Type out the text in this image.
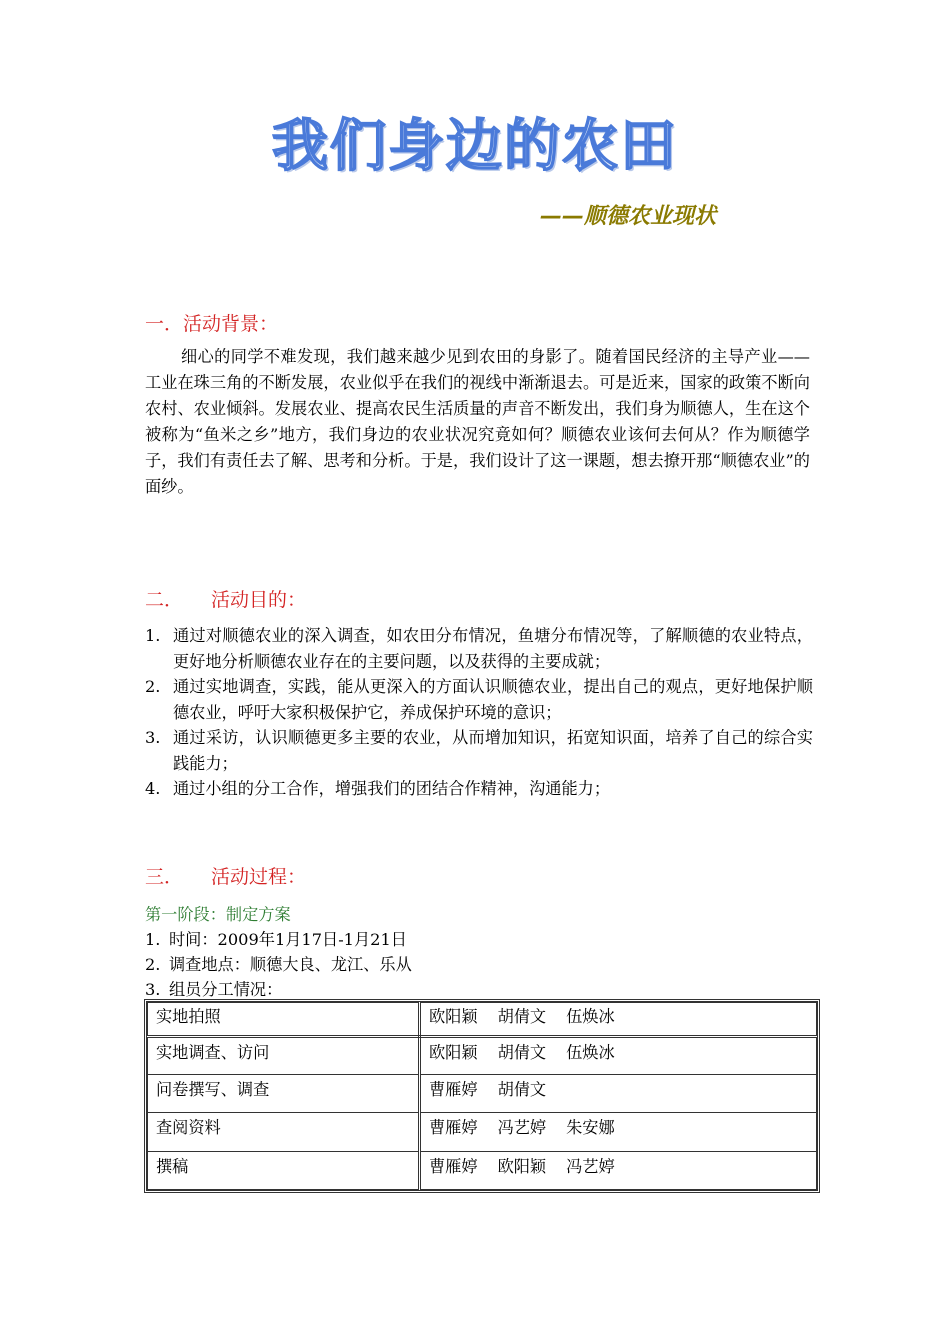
我们身边的农田
——顺德农业现状
一．活动背景：
细心的同学不难发现，我们越来越少见到农田的身影了。随着国民经济的主导产业——工业在珠三角的不断发展，农业似乎在我们的视线中渐渐退去。可是近来，国家的政策不断向农村、农业倾斜。发展农业、提高农民生活质量的声音不断发出，我们身为顺德人，生在这个被称为“鱼米之乡”地方，我们身边的农业状况究竟如何？顺德农业该何去何从？作为顺德学子，我们有责任去了解、思考和分析。于是，我们设计了这一课题，想去撩开那“顺德农业”的面纱。
二． 活动目的：
1. 通过对顺德农业的深入调查，如农田分布情况，鱼塘分布情况等，了解顺德的农业特点，更好地分析顺德农业存在的主要问题，以及获得的主要成就；
2. 通过实地调查，实践，能从更深入的方面认识顺德农业，提出自己的观点，更好地保护顺德农业，呼吁大家积极保护它，养成保护环境的意识；
3. 通过采访，认识顺德更多主要的农业，从而增加知识，拓宽知识面，培养了自己的综合实践能力；
4. 通过小组的分工合作，增强我们的团结合作精神，沟通能力；
三． 活动过程：
第一阶段：制定方案
1. 时间：2009年1月17日-1月21日
2. 调查地点：顺德大良、龙江、乐从
3. 组员分工情况：
实地拍照	欧阳颖 胡倩文 伍焕冰
实地调查、访问	欧阳颖 胡倩文 伍焕冰
问卷撰写、调查	曹雁婷 胡倩文
查阅资料	曹雁婷 冯艺婷 朱安娜
撰稿	曹雁婷 欧阳颖 冯艺婷
